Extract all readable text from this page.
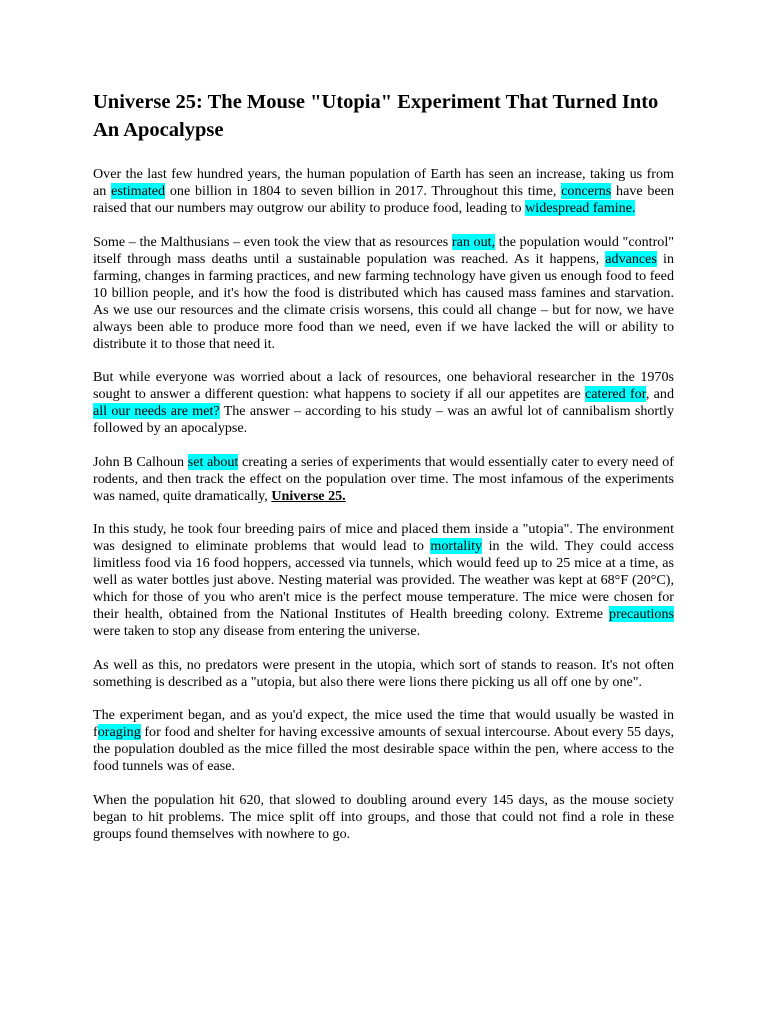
Universe 25: The Mouse "Utopia" Experiment That Turned Into An Apocalypse

Over the last few hundred years, the human population of Earth has seen an increase, taking us from an estimated one billion in 1804 to seven billion in 2017. Throughout this time, concerns have been raised that our numbers may outgrow our ability to produce food, leading to widespread famine.

Some – the Malthusians – even took the view that as resources ran out, the population would "control" itself through mass deaths until a sustainable population was reached. As it happens, advances in farming, changes in farming practices, and new farming technology have given us enough food to feed 10 billion people, and it's how the food is distributed which has caused mass famines and starvation. As we use our resources and the climate crisis worsens, this could all change – but for now, we have always been able to produce more food than we need, even if we have lacked the will or ability to distribute it to those that need it.

But while everyone was worried about a lack of resources, one behavioral researcher in the 1970s sought to answer a different question: what happens to society if all our appetites are catered for, and all our needs are met? The answer – according to his study – was an awful lot of cannibalism shortly followed by an apocalypse.

John B Calhoun set about creating a series of experiments that would essentially cater to every need of rodents, and then track the effect on the population over time. The most infamous of the experiments was named, quite dramatically, Universe 25.

In this study, he took four breeding pairs of mice and placed them inside a "utopia". The environment was designed to eliminate problems that would lead to mortality in the wild. They could access limitless food via 16 food hoppers, accessed via tunnels, which would feed up to 25 mice at a time, as well as water bottles just above. Nesting material was provided. The weather was kept at 68°F (20°C), which for those of you who aren't mice is the perfect mouse temperature. The mice were chosen for their health, obtained from the National Institutes of Health breeding colony. Extreme precautions were taken to stop any disease from entering the universe.

As well as this, no predators were present in the utopia, which sort of stands to reason. It's not often something is described as a "utopia, but also there were lions there picking us all off one by one".

The experiment began, and as you'd expect, the mice used the time that would usually be wasted in foraging for food and shelter for having excessive amounts of sexual intercourse. About every 55 days, the population doubled as the mice filled the most desirable space within the pen, where access to the food tunnels was of ease.

When the population hit 620, that slowed to doubling around every 145 days, as the mouse society began to hit problems. The mice split off into groups, and those that could not find a role in these groups found themselves with nowhere to go.
